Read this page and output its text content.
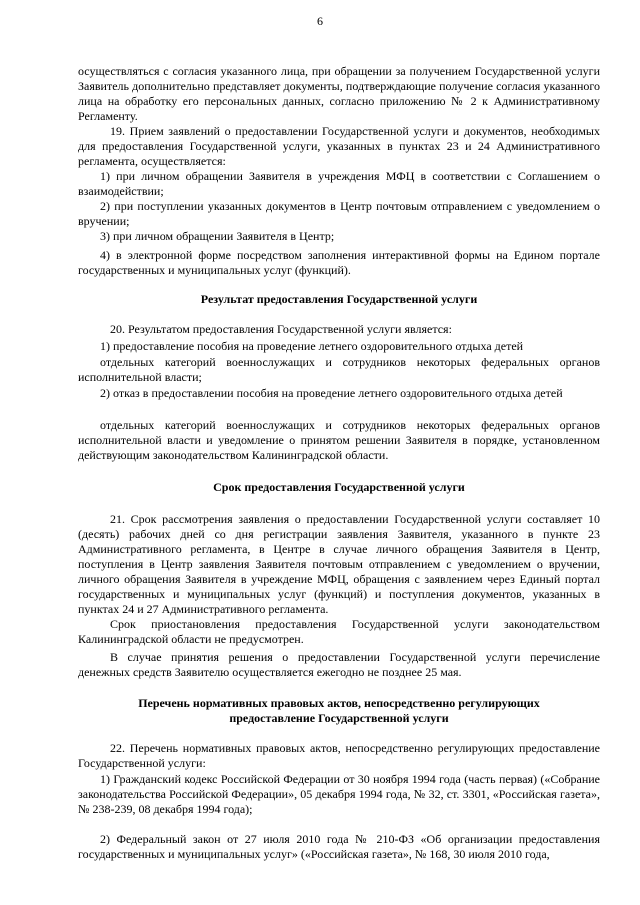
6
осуществляться с согласия указанного лица, при обращении за получением Государственной услуги Заявитель дополнительно представляет документы, подтверждающие получение согласия указанного лица на обработку его персональных данных, согласно приложению № 2 к Административному Регламенту.
19. Прием заявлений о предоставлении Государственной услуги и документов, необходимых для предоставления Государственной услуги, указанных в пунктах 23 и 24 Административного регламента, осуществляется:
1) при личном обращении Заявителя в учреждения МФЦ в соответствии с Соглашением о взаимодействии;
2) при поступлении указанных документов в Центр почтовым отправлением с уведомлением о вручении;
3) при личном обращении Заявителя в Центр;
4) в электронной форме посредством заполнения интерактивной формы на Едином портале государственных и муниципальных услуг (функций).
Результат предоставления Государственной услуги
20. Результатом предоставления Государственной услуги является:
1) предоставление пособия на проведение летнего оздоровительного отдыха детей
отдельных категорий военнослужащих и сотрудников некоторых федеральных органов исполнительной власти;
2) отказ в предоставлении пособия на проведение летнего оздоровительного отдыха детей
отдельных категорий военнослужащих и сотрудников некоторых федеральных органов исполнительной власти и уведомление о принятом решении Заявителя в порядке, установленном действующим законодательством Калининградской области.
Срок предоставления Государственной услуги
21. Срок рассмотрения заявления о предоставлении Государственной услуги составляет 10 (десять) рабочих дней со дня регистрации заявления Заявителя, указанного в пункте 23 Административного регламента, в Центре в случае личного обращения Заявителя в Центр, поступления в Центр заявления Заявителя почтовым отправлением с уведомлением о вручении, личного обращения Заявителя в учреждение МФЦ, обращения с заявлением через Единый портал государственных и муниципальных услуг (функций) и поступления документов, указанных в пунктах 24 и 27 Административного регламента.
Срок приостановления предоставления Государственной услуги законодательством Калининградской области не предусмотрен.
В случае принятия решения о предоставлении Государственной услуги перечисление денежных средств Заявителю осуществляется ежегодно не позднее 25 мая.
Перечень нормативных правовых актов, непосредственно регулирующих
предоставление Государственной услуги
22. Перечень нормативных правовых актов, непосредственно регулирующих предоставление Государственной услуги:
1) Гражданский кодекс Российской Федерации от 30 ноября 1994 года (часть первая) («Собрание законодательства Российской Федерации», 05 декабря 1994 года, № 32, ст. 3301, «Российская газета», № 238-239, 08 декабря 1994 года);
2) Федеральный закон от 27 июля 2010 года № 210-ФЗ «Об организации предоставления государственных и муниципальных услуг» («Российская газета», № 168, 30 июля 2010 года,
